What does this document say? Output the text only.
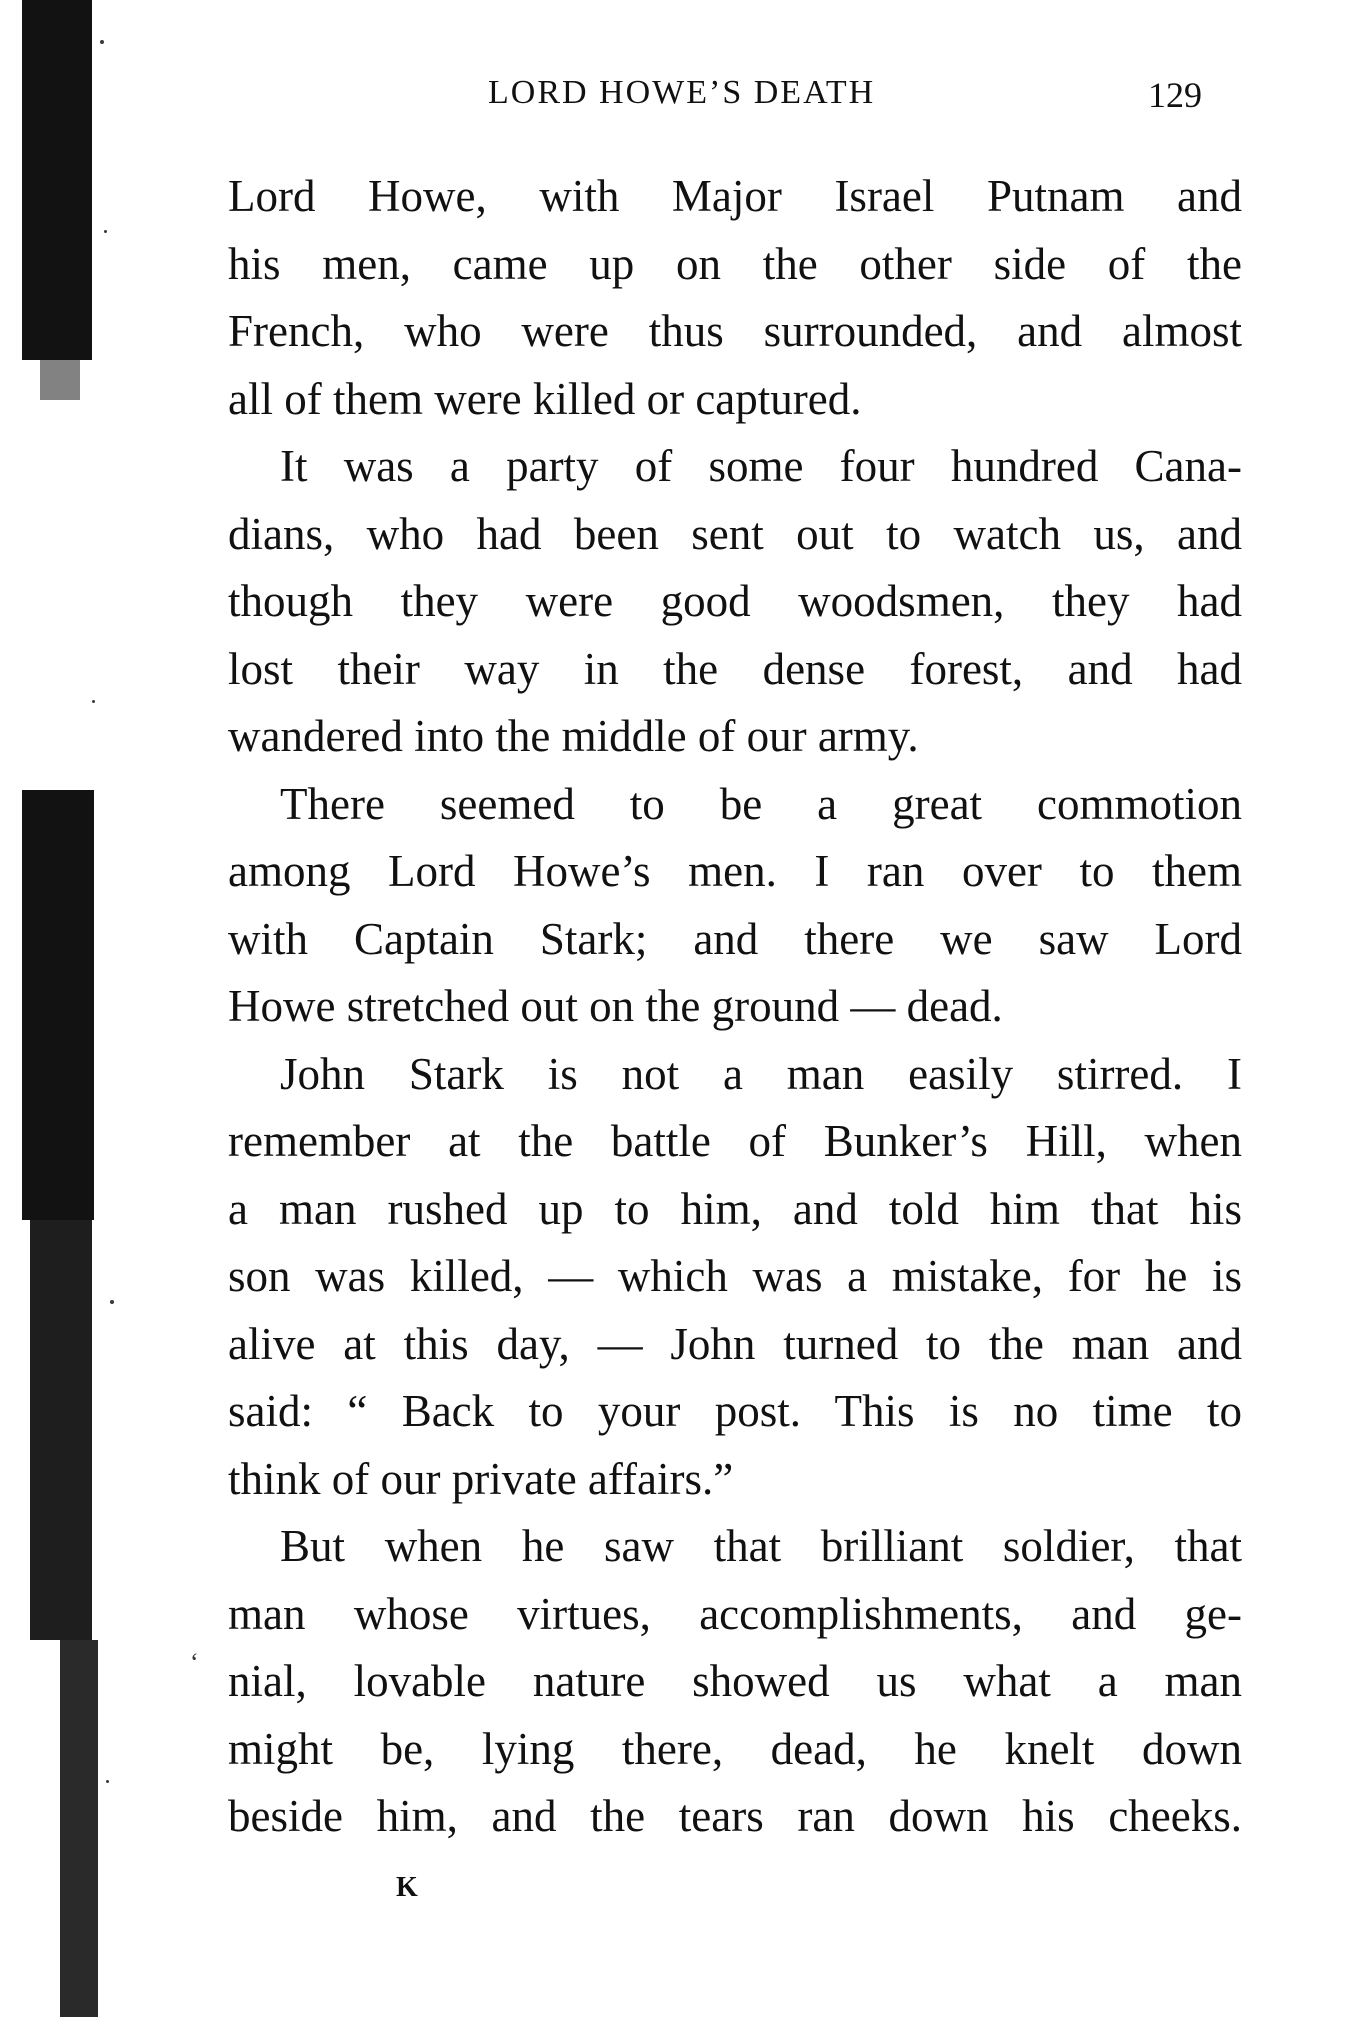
LORD HOWE’S DEATH	129
Lord Howe, with Major Israel Putnam and
his men, came up on the other side of the
French, who were thus surrounded, and almost
all of them were killed or captured.
It was a party of some four hundred Cana-
dians, who had been sent out to watch us, and
though they were good woodsmen, they had
lost their way in the dense forest, and had
wandered into the middle of our army.
There seemed to be a great commotion
among Lord Howe’s men. I ran over to them
with Captain Stark; and there we saw Lord
Howe stretched out on the ground — dead.
John Stark is not a man easily stirred. I
remember at the battle of Bunker’s Hill, when
a man rushed up to him, and told him that his
son was killed, — which was a mistake, for he is
alive at this day, — John turned to the man and
said: “ Back to your post. This is no time to
think of our private affairs.”
But when he saw that brilliant soldier, that
man whose virtues, accomplishments, and ge-
nial, lovable nature showed us what a man
might be, lying there, dead, he knelt down
beside him, and the tears ran down his cheeks.
‘
K
